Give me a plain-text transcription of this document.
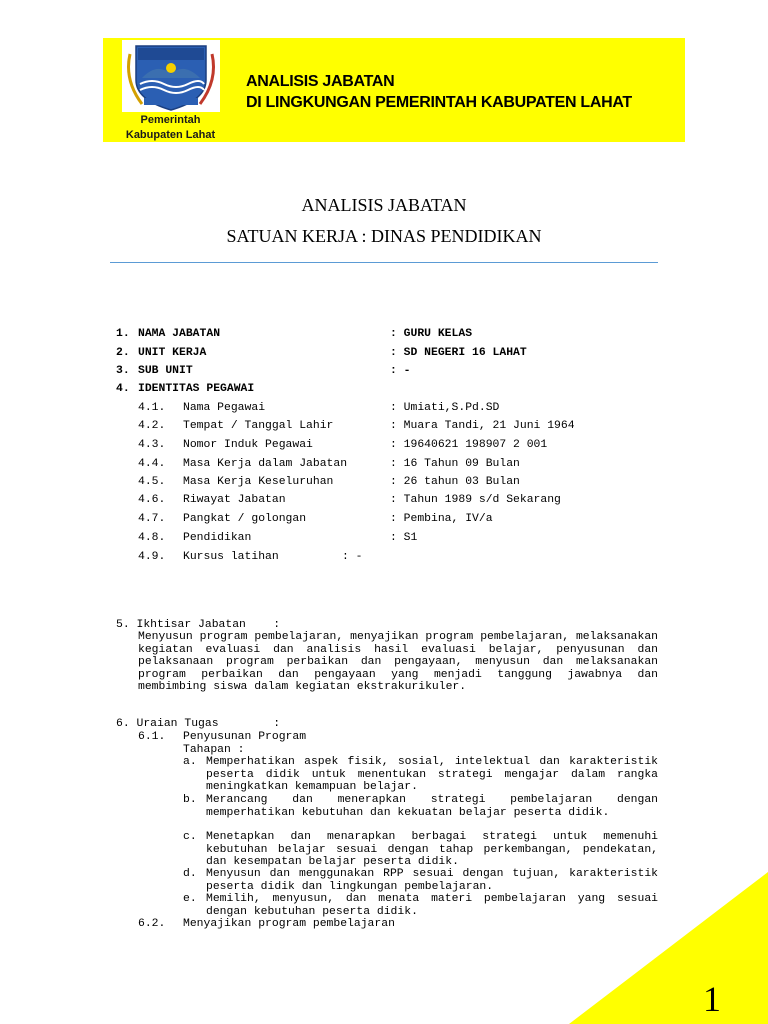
Pemerintah
Kabupaten Lahat
ANALISIS JABATAN
DI LINGKUNGAN PEMERINTAH KABUPATEN LAHAT
ANALISIS JABATAN
SATUAN KERJA : DINAS PENDIDIKAN
1. NAMA JABATAN	: GURU KELAS
2. UNIT KERJA	: SD NEGERI 16 LAHAT
3. SUB UNIT	: -
4. IDENTITAS PEGAWAI
4.1. Nama Pegawai	: Umiati,S.Pd.SD
4.2. Tempat / Tanggal Lahir	: Muara Tandi, 21 Juni 1964
4.3. Nomor Induk Pegawai	: 19640621 198907 2 001
4.4. Masa Kerja dalam Jabatan	: 16 Tahun 09 Bulan
4.5. Masa Kerja Keseluruhan	: 26 tahun 03 Bulan
4.6. Riwayat Jabatan	: Tahun 1989 s/d Sekarang
4.7. Pangkat / golongan	: Pembina, IV/a
4.8. Pendidikan	: S1
4.9. Kursus latihan	: -
5. Ikhtisar Jabatan    :
Menyusun program pembelajaran, menyajikan program pembelajaran, melaksanakan kegiatan evaluasi dan analisis hasil evaluasi belajar, penyusunan dan pelaksanaan program perbaikan dan pengayaan, menyusun dan melaksanakan program perbaikan dan pengayaan yang menjadi tanggung jawabnya dan membimbing siswa dalam kegiatan ekstrakurikuler.
6. Uraian Tugas        :
6.1. Penyusunan Program
Tahapan :
a. Memperhatikan aspek fisik, sosial, intelektual dan karakteristik peserta didik untuk menentukan strategi mengajar dalam rangka meningkatkan kemampuan belajar.
b. Merancang dan menerapkan strategi pembelajaran dengan memperhatikan kebutuhan dan kekuatan belajar peserta didik.
c. Menetapkan dan menarapkan berbagai strategi untuk memenuhi kebutuhan belajar sesuai dengan tahap perkembangan, pendekatan, dan kesempatan belajar peserta didik.
d. Menyusun dan menggunakan RPP sesuai dengan tujuan, karakteristik peserta didik dan lingkungan pembelajaran.
e. Memilih, menyusun, dan menata materi pembelajaran yang sesuai dengan kebutuhan peserta didik.
6.2. Menyajikan program pembelajaran
1
